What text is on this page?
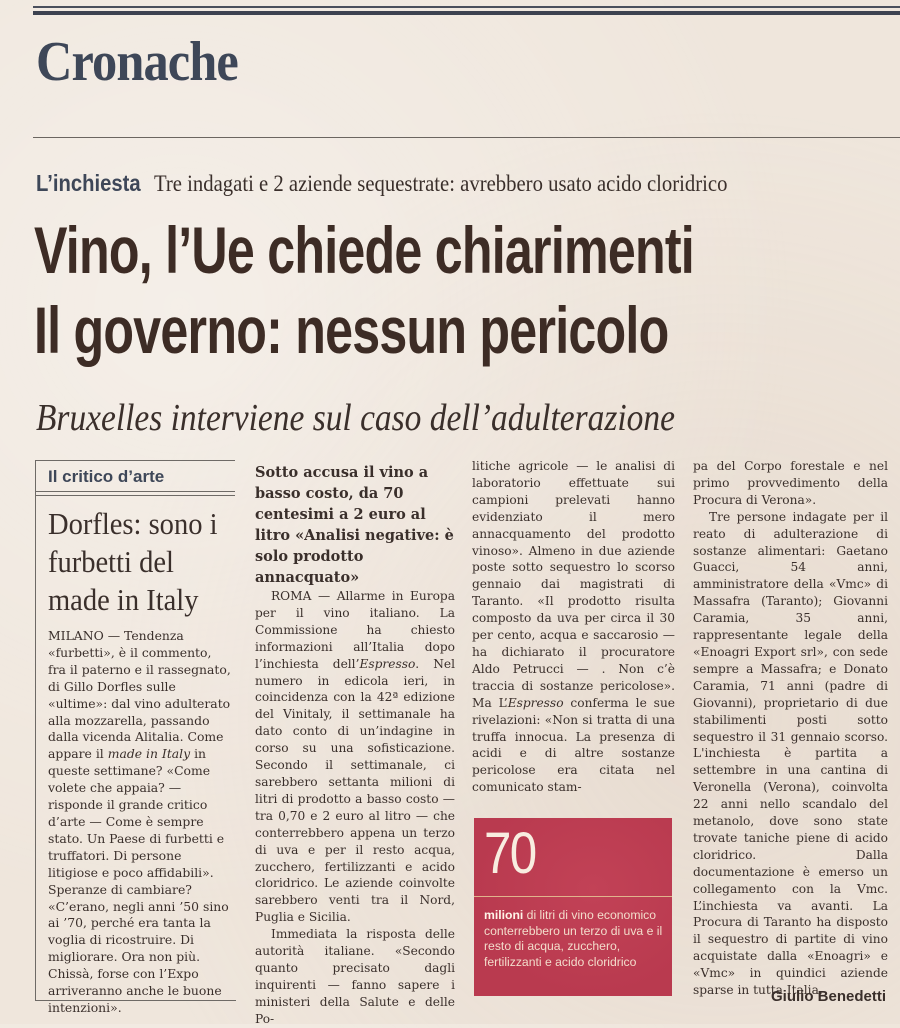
Cronache
L’inchiesta Tre indagati e 2 aziende sequestrate: avrebbero usato acido cloridrico
Vino, l’Ue chiede chiarimenti
Il governo: nessun pericolo
Bruxelles interviene sul caso dell’adulterazione
Il critico d’arte
Dorfles: sono i furbetti del made in Italy

MILANO — Tendenza «furbetti», è il commento, fra il paterno e il rassegnato, di Gillo Dorfles sulle «ultime»: dal vino adulterato alla mozzarella, passando dalla vicenda Alitalia. Come appare il made in Italy in queste settimane? «Come volete che appaia? — risponde il grande critico d’arte — Come è sempre stato. Un Paese di furbetti e truffatori. Di persone litigiose e poco affidabili». Speranze di cambiare? «C’erano, negli anni ’50 sino ai ’70, perché era tanta la voglia di ricostruire. Di migliorare. Ora non più. Chissà, forse con l’Expo arriveranno anche le buone intenzioni».

Sotto accusa il vino a basso costo, da 70 centesimi a 2 euro al litro «Analisi negative: è solo prodotto annacquato»

ROMA — Allarme in Europa per il vino italiano. La Commissione ha chiesto informazioni all’Italia dopo l’inchiesta dell’Espresso. Nel numero in edicola ieri, in coincidenza con la 42ª edizione del Vinitaly, il settimanale ha dato conto di un’indagine in corso su una sofisticazione. Secondo il settimanale, ci sarebbero settanta milioni di litri di prodotto a basso costo — tra 0,70 e 2 euro al litro — che conterrebbero appena un terzo di uva e per il resto acqua, zucchero, fertilizzanti e acido cloridrico. Le aziende coinvolte sarebbero venti tra il Nord, Puglia e Sicilia.

Immediata la risposta delle autorità italiane. «Secondo quanto precisato dagli inquirenti — fanno sapere i ministeri della Salute e delle Po-

litiche agricole — le analisi di laboratorio effettuate sui campioni prelevati hanno evidenziato il mero annacquamento del prodotto vinoso». Almeno in due aziende poste sotto sequestro lo scorso gennaio dai magistrati di Taranto. «Il prodotto risulta composto da uva per circa il 30 per cento, acqua e saccarosio — ha dichiarato il procuratore Aldo Petrucci — . Non c’è traccia di sostanze pericolose». Ma L’Espresso conferma le sue rivelazioni: «Non si tratta di una truffa innocua. La presenza di acidi e di altre sostanze pericolose era citata nel comunicato stam-

70
milioni di litri di vino economico conterrebbero un terzo di uva e il resto di acqua, zucchero, fertilizzanti e acido cloridrico

pa del Corpo forestale e nel primo provvedimento della Procura di Verona».

Tre persone indagate per il reato di adulterazione di sostanze alimentari: Gaetano Guacci, 54 anni, amministratore della «Vmc» di Massafra (Taranto); Giovanni Caramia, 35 anni, rappresentante legale della «Enoagri Export srl», con sede sempre a Massafra; e Donato Caramia, 71 anni (padre di Giovanni), proprietario di due stabilimenti posti sotto sequestro il 31 gennaio scorso. L'inchiesta è partita a settembre in una cantina di Veronella (Verona), coinvolta 22 anni nello scandalo del metanolo, dove sono state trovate taniche piene di acido cloridrico. Dalla documentazione è emerso un collegamento con la Vmc. L’inchiesta va avanti. La Procura di Taranto ha disposto il sequestro di partite di vino acquistate dalla «Enoagri» e «Vmc» in quindici aziende sparse in tutta Italia.

Giulio Benedetti
